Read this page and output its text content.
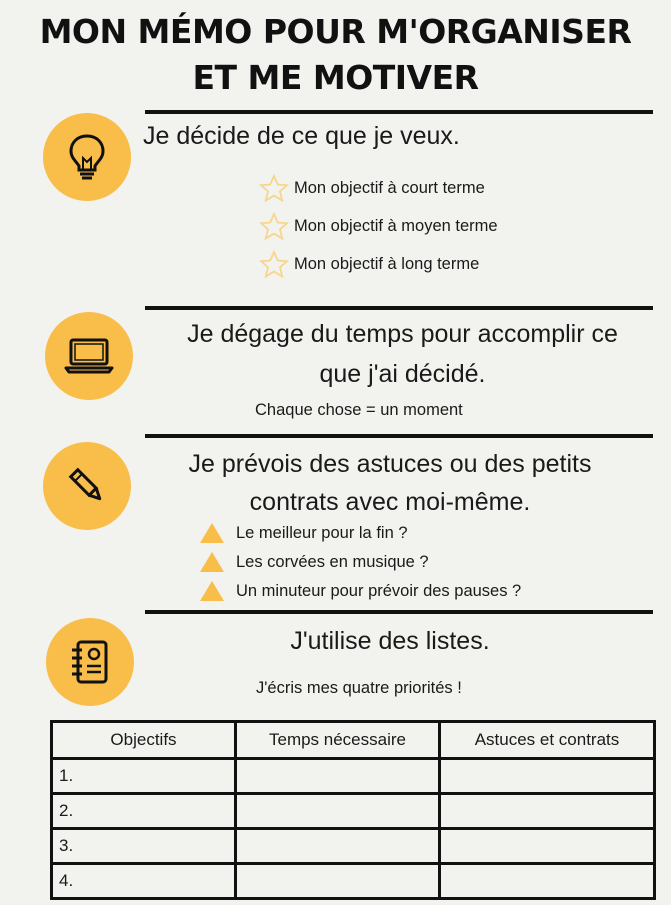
MON MÉMO POUR M'ORGANISER
ET ME MOTIVER
Je décide de ce que je veux.
Mon objectif à court terme
Mon objectif à moyen terme
Mon objectif à long terme
Je dégage du temps pour accomplir ce
que j'ai décidé.
Chaque chose = un moment
Je prévois des astuces ou des petits
contrats avec moi-même.
Le meilleur pour la fin ?
Les corvées en musique ?
Un minuteur pour prévoir des pauses ?
J'utilise des listes.
J'écris mes quatre priorités !
Objectifs	Temps nécessaire	Astuces et contrats
1.		
2.		
3.		
4.		
